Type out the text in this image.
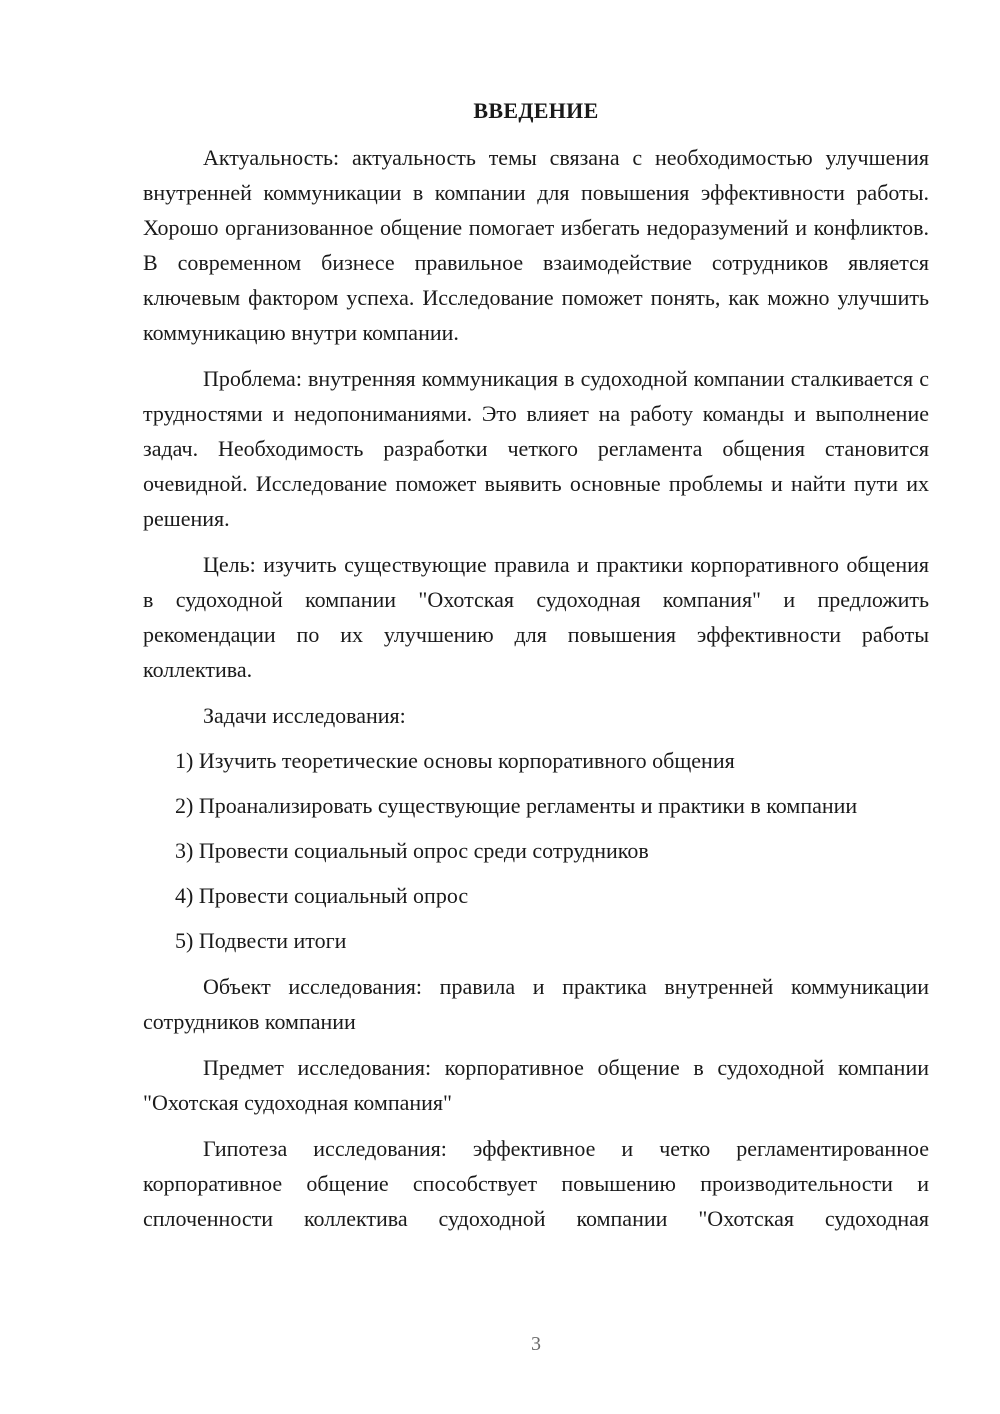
ВВЕДЕНИЕ

Актуальность: актуальность темы связана с необходимостью улучшения внутренней коммуникации в компании для повышения эффективности работы. Хорошо организованное общение помогает избегать недоразумений и конфликтов. В современном бизнесе правильное взаимодействие сотрудников является ключевым фактором успеха. Исследование поможет понять, как можно улучшить коммуникацию внутри компании.

Проблема: внутренняя коммуникация в судоходной компании сталкивается с трудностями и недопониманиями. Это влияет на работу команды и выполнение задач. Необходимость разработки четкого регламента общения становится очевидной. Исследование поможет выявить основные проблемы и найти пути их решения.

Цель: изучить существующие правила и практики корпоративного общения в судоходной компании "Охотская судоходная компания" и предложить рекомендации по их улучшению для повышения эффективности работы коллектива.

Задачи исследования:

1) Изучить теоретические основы корпоративного общения

2) Проанализировать существующие регламенты и практики в компании

3) Провести социальный опрос среди сотрудников

4) Провести социальный опрос

5) Подвести итоги

Объект исследования: правила и практика внутренней коммуникации сотрудников компании

Предмет исследования: корпоративное общение в судоходной компании "Охотская судоходная компания"

Гипотеза исследования: эффективное и четко регламентированное корпоративное общение способствует повышению производительности и сплоченности коллектива судоходной компании "Охотская судоходная

3
